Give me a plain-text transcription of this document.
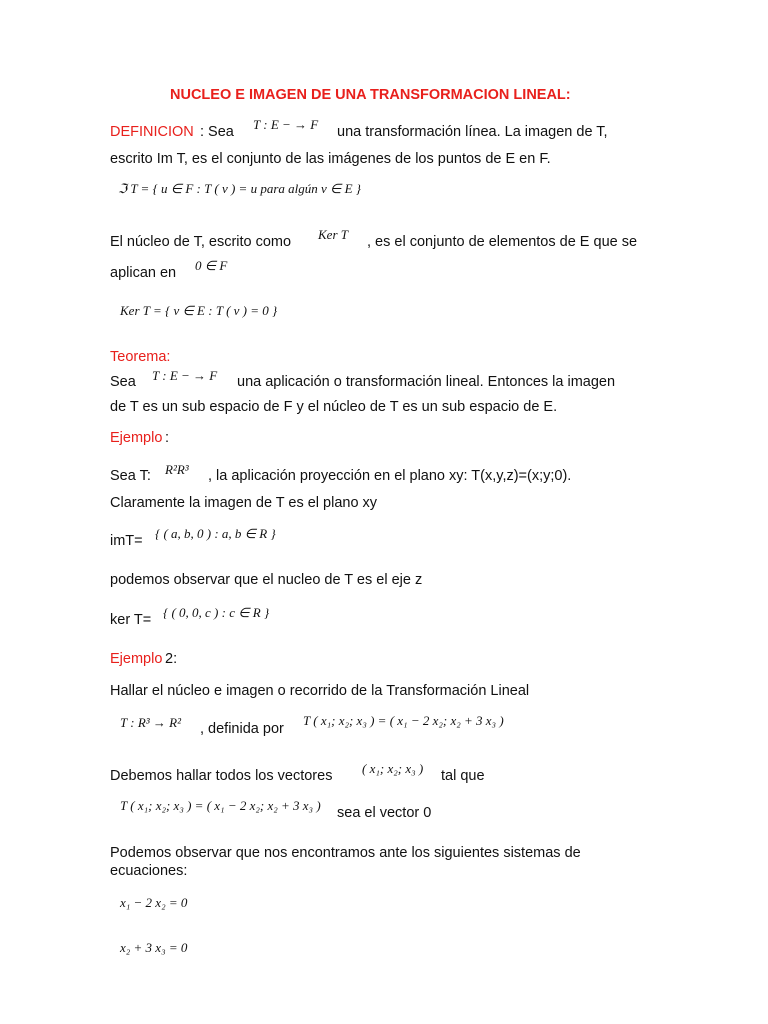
NUCLEO E IMAGEN DE UNA TRANSFORMACION LINEAL:
DEFINICION : Sea T : E − → F una transformación línea. La imagen de T,
escrito Im T, es el conjunto de las imágenes de los puntos de E en F.
ℑ T = { u ∈ F : T ( v ) = u para algún v ∈ E }
El núcleo de T, escrito como Ker T , es el conjunto de elementos de E que se
aplican en 0 ∈ F
Ker T = { v ∈ E : T ( v ) = 0 }
Teorema:
Sea T : E − → F una aplicación o transformación lineal. Entonces la imagen
de T es un sub espacio de F y el núcleo de T es un sub espacio de E.
Ejemplo :
Sea T: R²R³ , la aplicación proyección en el plano xy: T(x,y,z)=(x;y;0).
Claramente la imagen de T es el plano xy
imT= { ( a, b, 0 ) : a, b ∈ R }
podemos observar que el nucleo de T es el eje z
ker T= { ( 0, 0, c ) : c ∈ R }
Ejemplo 2:
Hallar el núcleo e imagen o recorrido de la Transformación Lineal
T : R³ → R² , definida por
T ( x₁; x₂; x₃ ) = ( x₁ − 2 x₂; x₂ + 3 x₃ )
Debemos hallar todos los vectores ( x₁; x₂; x₃ ) tal que
T ( x₁; x₂; x₃ ) = ( x₁ − 2 x₂; x₂ + 3 x₃ ) sea el vector 0
Podemos observar que nos encontramos ante los siguientes sistemas de
ecuaciones:
x₁ − 2 x₂ = 0
x₂ + 3 x₃ = 0
